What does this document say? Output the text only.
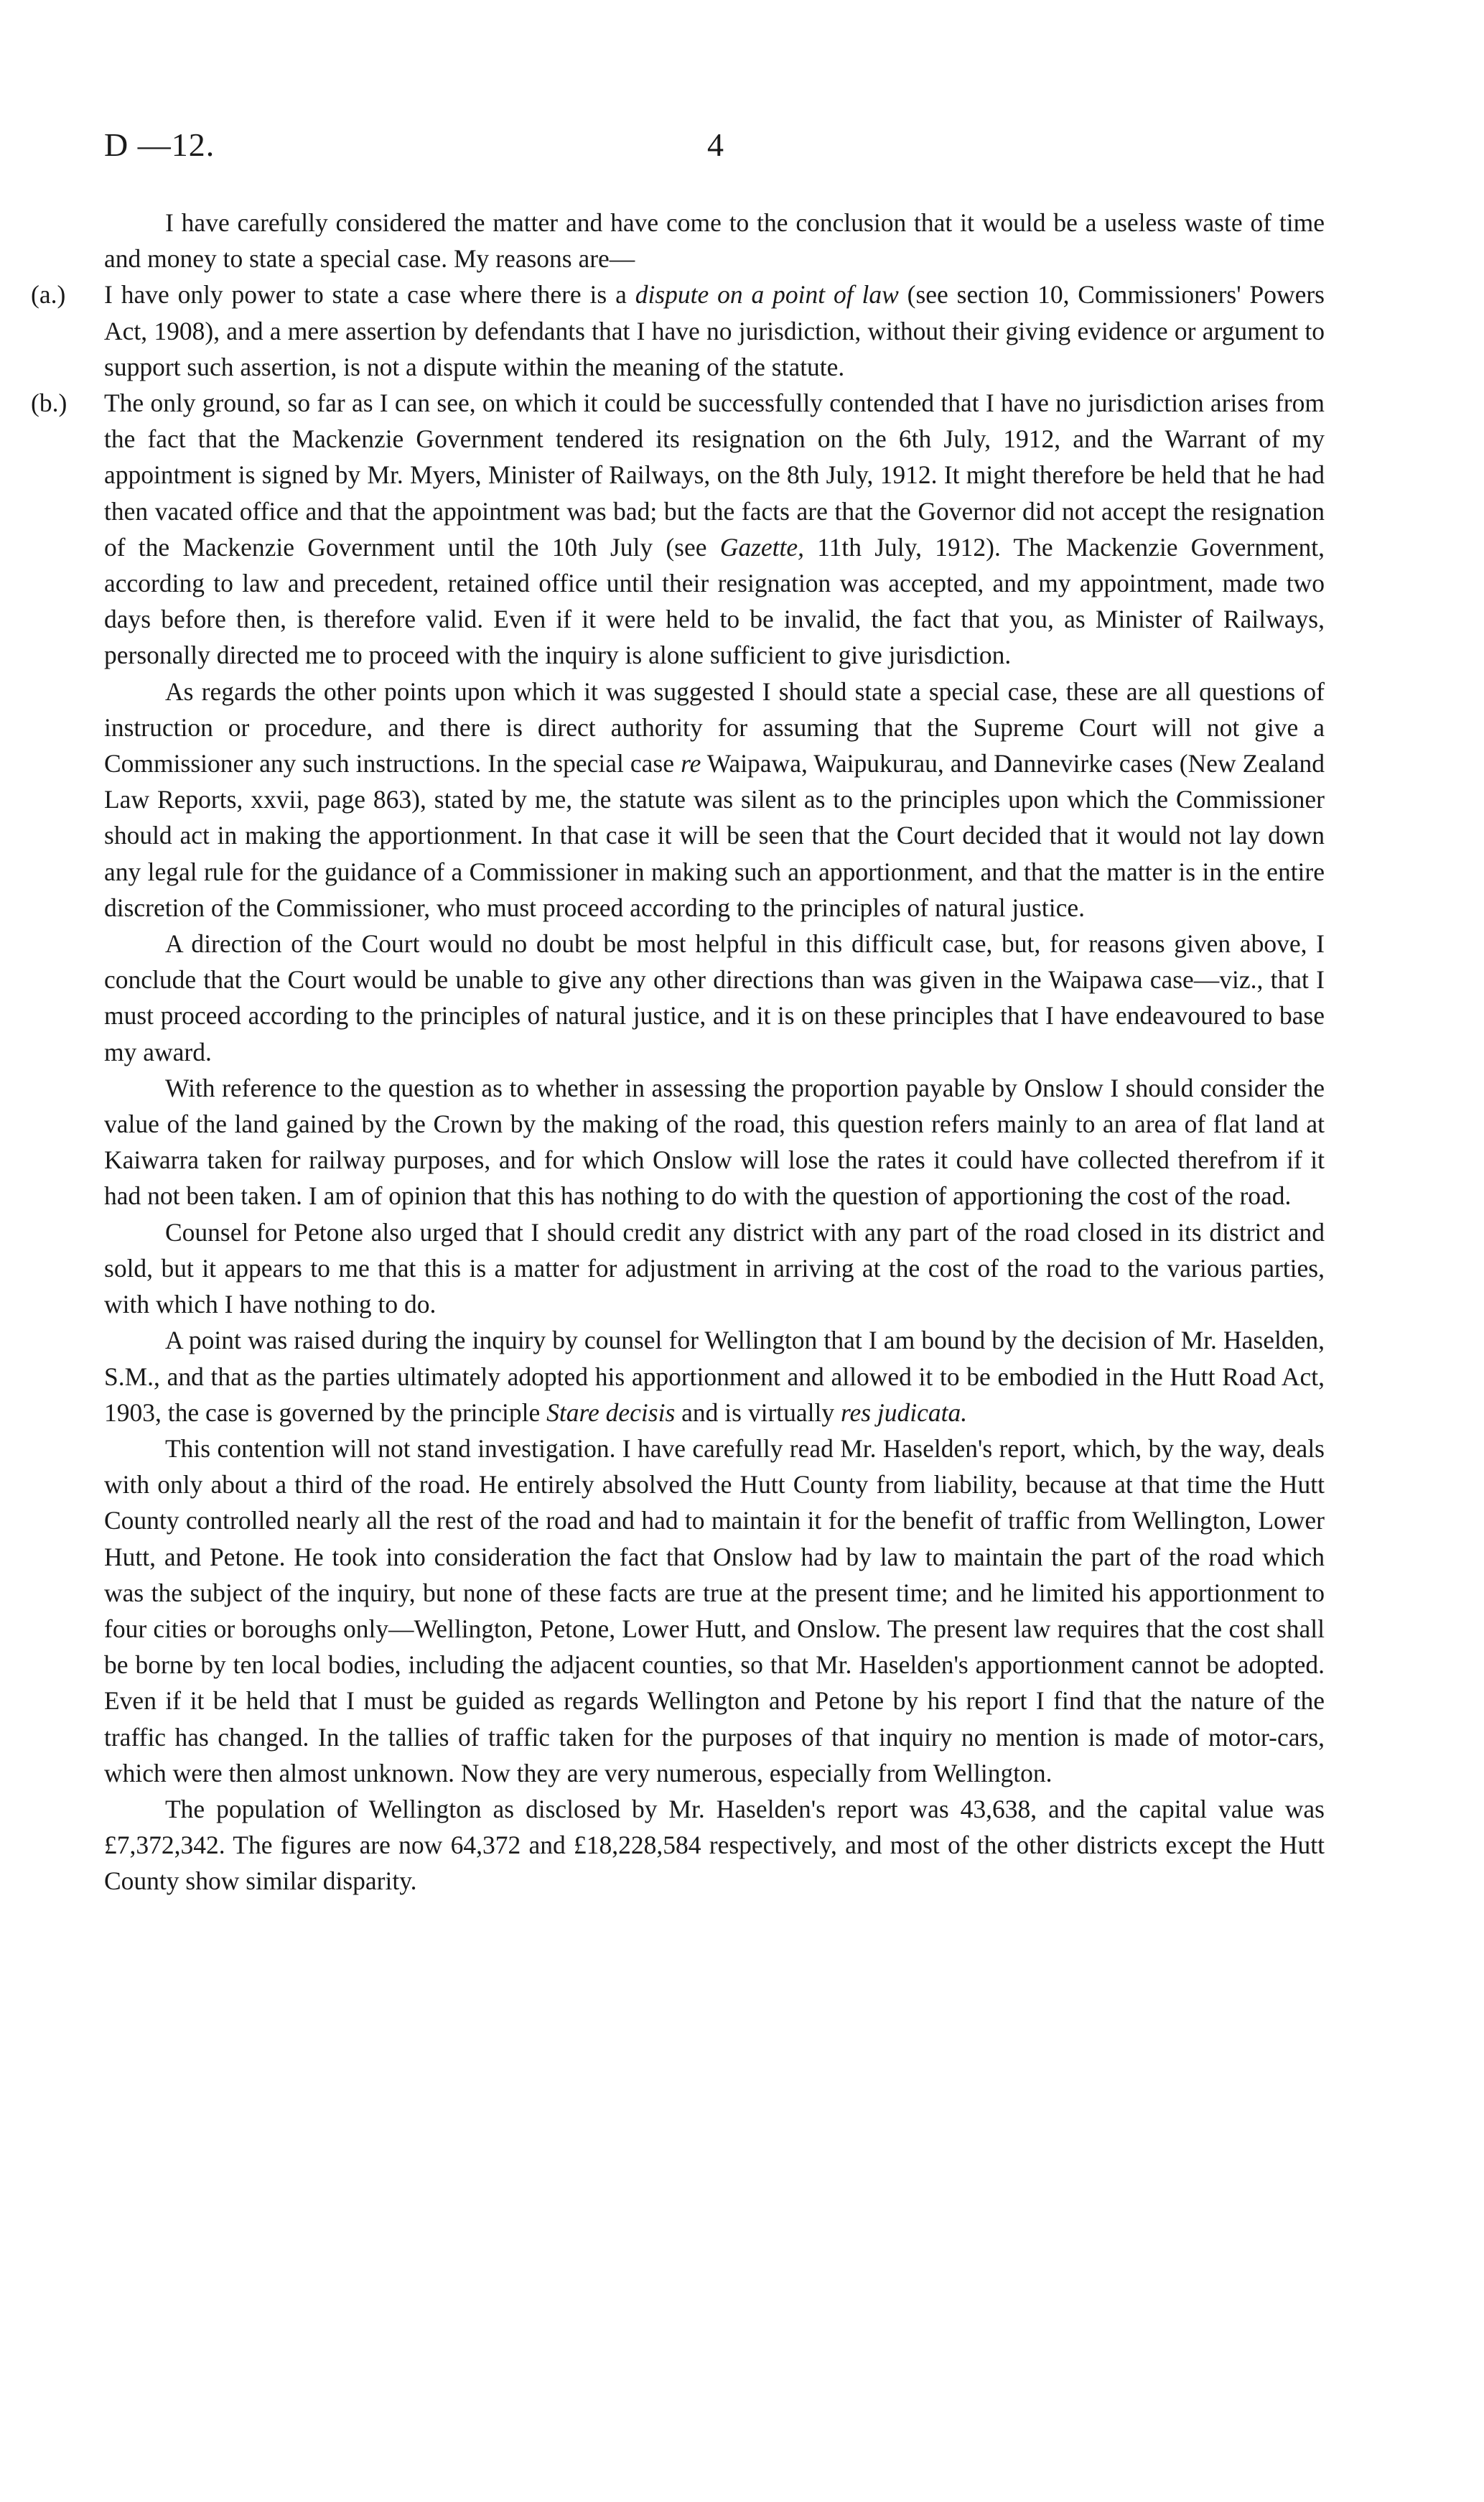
D —12.	4

I have carefully considered the matter and have come to the conclusion that it would be a useless waste of time and money to state a special case. My reasons are—

(a.) I have only power to state a case where there is a dispute on a point of law (see section 10, Commissioners' Powers Act, 1908), and a mere assertion by defendants that I have no jurisdiction, without their giving evidence or argument to support such assertion, is not a dispute within the meaning of the statute.

(b.) The only ground, so far as I can see, on which it could be successfully contended that I have no jurisdiction arises from the fact that the Mackenzie Government tendered its resignation on the 6th July, 1912, and the Warrant of my appointment is signed by Mr. Myers, Minister of Railways, on the 8th July, 1912. It might therefore be held that he had then vacated office and that the appointment was bad; but the facts are that the Governor did not accept the resignation of the Mackenzie Government until the 10th July (see Gazette, 11th July, 1912). The Mackenzie Government, according to law and precedent, retained office until their resignation was accepted, and my appointment, made two days before then, is therefore valid. Even if it were held to be invalid, the fact that you, as Minister of Railways, personally directed me to proceed with the inquiry is alone sufficient to give jurisdiction.

As regards the other points upon which it was suggested I should state a special case, these are all questions of instruction or procedure, and there is direct authority for assuming that the Supreme Court will not give a Commissioner any such instructions. In the special case re Waipawa, Waipukurau, and Dannevirke cases (New Zealand Law Reports, xxvii, page 863), stated by me, the statute was silent as to the principles upon which the Commissioner should act in making the apportionment. In that case it will be seen that the Court decided that it would not lay down any legal rule for the guidance of a Commissioner in making such an apportionment, and that the matter is in the entire discretion of the Commissioner, who must proceed according to the principles of natural justice.

A direction of the Court would no doubt be most helpful in this difficult case, but, for reasons given above, I conclude that the Court would be unable to give any other directions than was given in the Waipawa case—viz., that I must proceed according to the principles of natural justice, and it is on these principles that I have endeavoured to base my award.

With reference to the question as to whether in assessing the proportion payable by Onslow I should consider the value of the land gained by the Crown by the making of the road, this question refers mainly to an area of flat land at Kaiwarra taken for railway purposes, and for which Onslow will lose the rates it could have collected therefrom if it had not been taken. I am of opinion that this has nothing to do with the question of apportioning the cost of the road.

Counsel for Petone also urged that I should credit any district with any part of the road closed in its district and sold, but it appears to me that this is a matter for adjustment in arriving at the cost of the road to the various parties, with which I have nothing to do.

A point was raised during the inquiry by counsel for Wellington that I am bound by the decision of Mr. Haselden, S.M., and that as the parties ultimately adopted his apportionment and allowed it to be embodied in the Hutt Road Act, 1903, the case is governed by the principle Stare decisis and is virtually res judicata.

This contention will not stand investigation. I have carefully read Mr. Haselden's report, which, by the way, deals with only about a third of the road. He entirely absolved the Hutt County from liability, because at that time the Hutt County controlled nearly all the rest of the road and had to maintain it for the benefit of traffic from Wellington, Lower Hutt, and Petone. He took into consideration the fact that Onslow had by law to maintain the part of the road which was the subject of the inquiry, but none of these facts are true at the present time; and he limited his apportionment to four cities or boroughs only—Wellington, Petone, Lower Hutt, and Onslow. The present law requires that the cost shall be borne by ten local bodies, including the adjacent counties, so that Mr. Haselden's apportionment cannot be adopted. Even if it be held that I must be guided as regards Wellington and Petone by his report I find that the nature of the traffic has changed. In the tallies of traffic taken for the purposes of that inquiry no mention is made of motor-cars, which were then almost unknown. Now they are very numerous, especially from Wellington.

The population of Wellington as disclosed by Mr. Haselden's report was 43,638, and the capital value was £7,372,342. The figures are now 64,372 and £18,228,584 respectively, and most of the other districts except the Hutt County show similar disparity.
